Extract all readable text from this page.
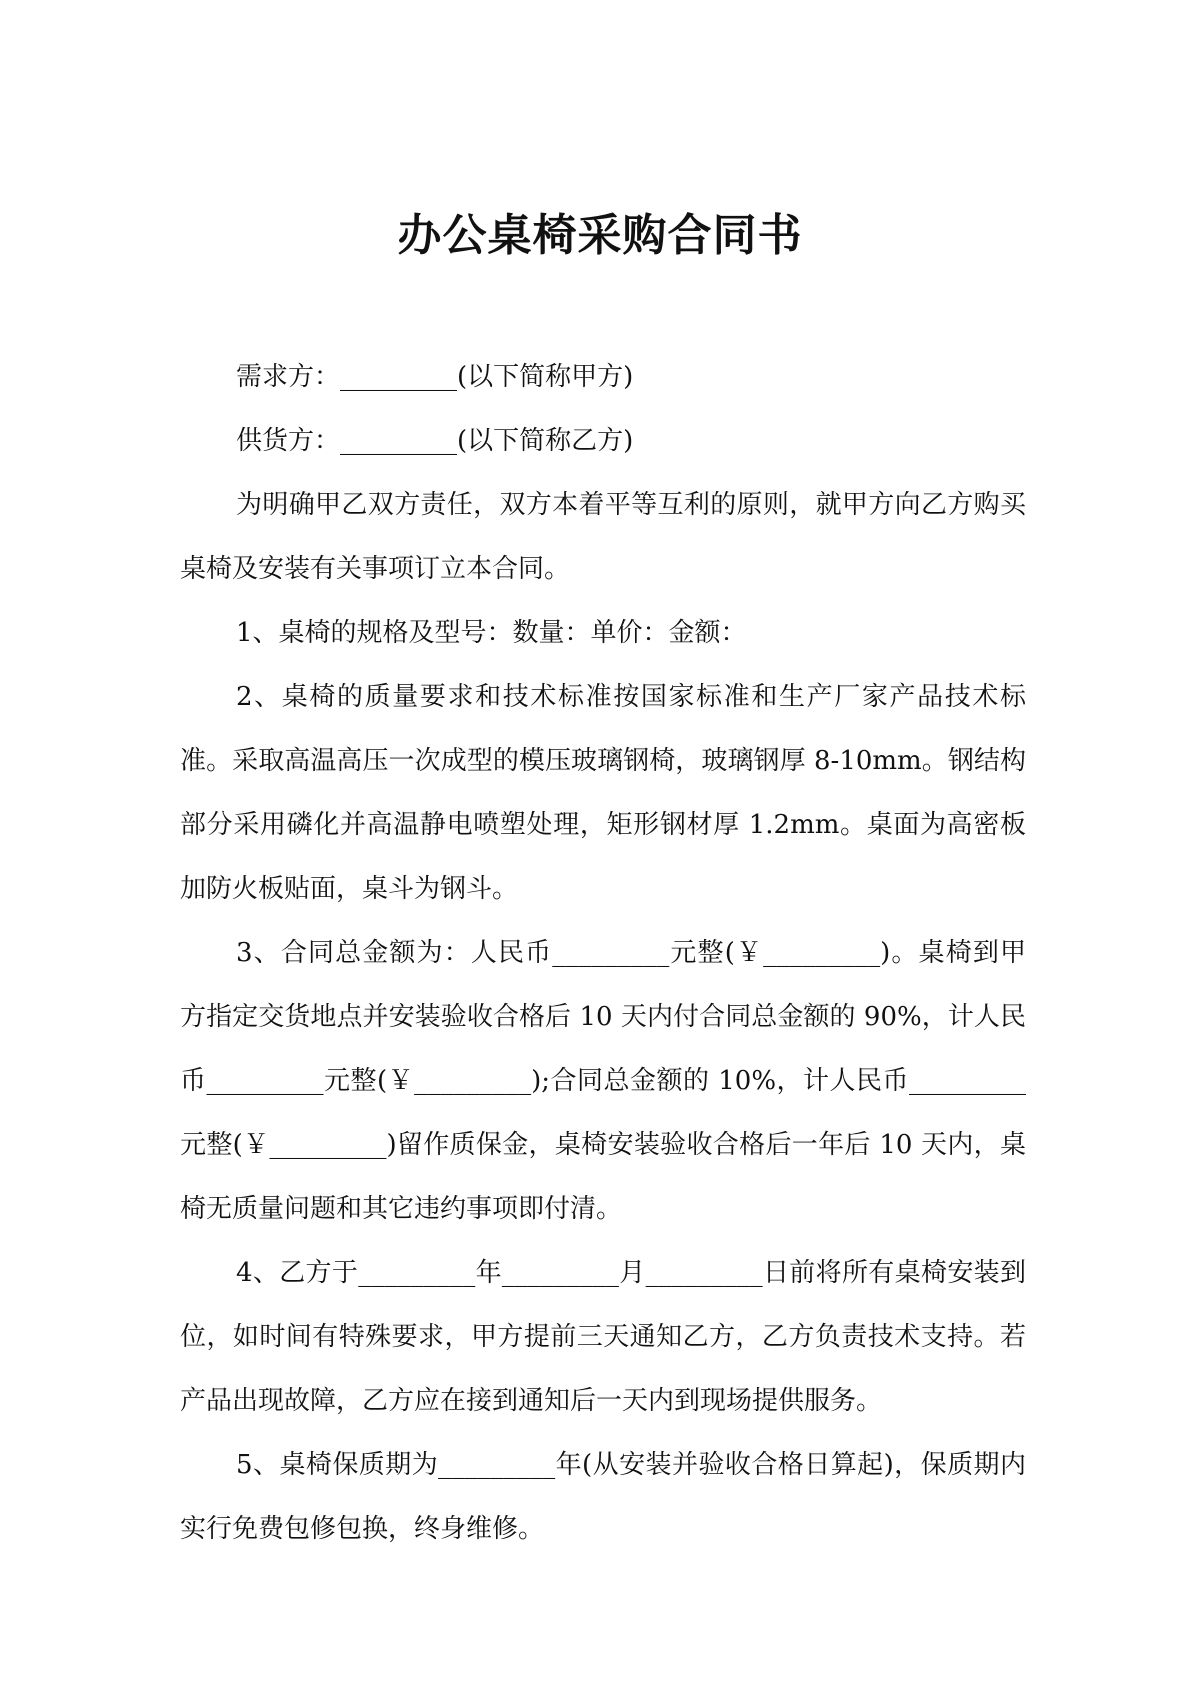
办公桌椅采购合同书

需求方：_________(以下简称甲方)

供货方：_________(以下简称乙方)

为明确甲乙双方责任，双方本着平等互利的原则，就甲方向乙方购买桌椅及安装有关事项订立本合同。

1、桌椅的规格及型号：数量：单价：金额：

2、桌椅的质量要求和技术标准按国家标准和生产厂家产品技术标准。采取高温高压一次成型的模压玻璃钢椅，玻璃钢厚 8-10mm。钢结构部分采用磷化并高温静电喷塑处理，矩形钢材厚 1.2mm。桌面为高密板加防火板贴面，桌斗为钢斗。

3、合同总金额为：人民币_________元整(￥_________)。桌椅到甲方指定交货地点并安装验收合格后 10 天内付合同总金额的 90%，计人民币_________元整(￥_________);合同总金额的 10%，计人民币_________元整(￥_________)留作质保金，桌椅安装验收合格后一年后 10 天内，桌椅无质量问题和其它违约事项即付清。

4、乙方于_________年_________月_________日前将所有桌椅安装到位，如时间有特殊要求，甲方提前三天通知乙方，乙方负责技术支持。若产品出现故障，乙方应在接到通知后一天内到现场提供服务。

5、桌椅保质期为_________年(从安装并验收合格日算起)，保质期内实行免费包修包换，终身维修。
